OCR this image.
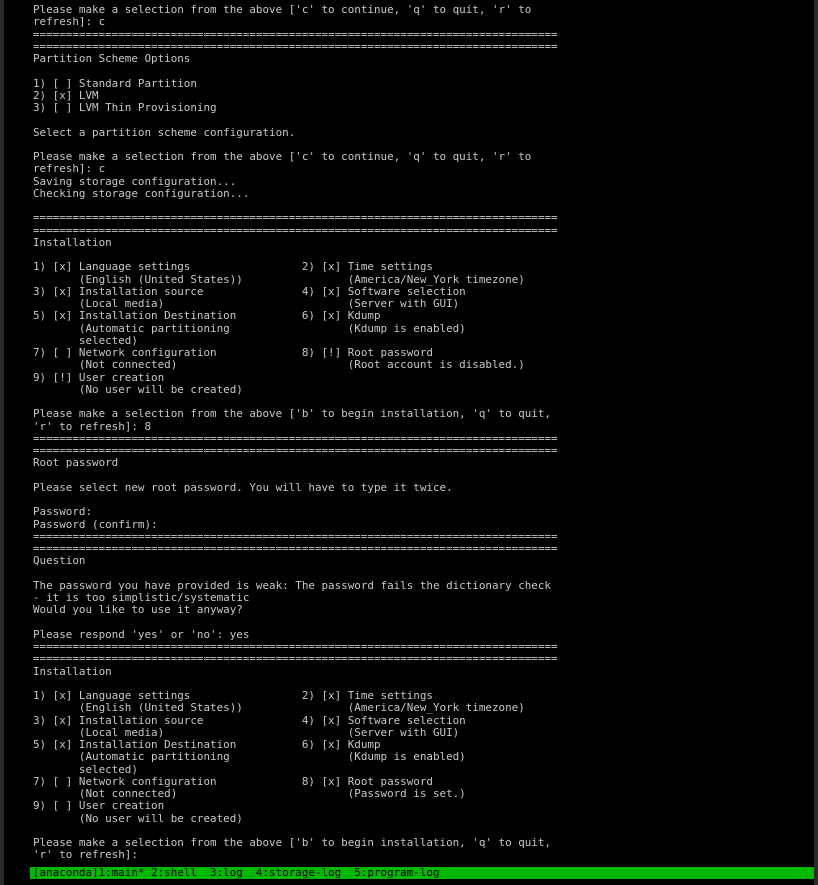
Please make a selection from the above ['c' to continue, 'q' to quit, 'r' to
refresh]: c
================================================================================
================================================================================
Partition Scheme Options
1) [ ] Standard Partition
2) [x] LVM
3) [ ] LVM Thin Provisioning
Select a partition scheme configuration.
Please make a selection from the above ['c' to continue, 'q' to quit, 'r' to
refresh]: c
Saving storage configuration...
Checking storage configuration...
================================================================================
================================================================================
Installation
1) [x] Language settings                 2) [x] Time settings
(English (United States))                (America/New_York timezone)
3) [x] Installation source               4) [x] Software selection
(Local media)                            (Server with GUI)
5) [x] Installation Destination          6) [x] Kdump
(Automatic partitioning                  (Kdump is enabled)
selected)
7) [ ] Network configuration             8) [!] Root password
(Not connected)                          (Root account is disabled.)
9) [!] User creation
(No user will be created)
Please make a selection from the above ['b' to begin installation, 'q' to quit,
'r' to refresh]: 8
================================================================================
================================================================================
Root password
Please select new root password. You will have to type it twice.
Password:
Password (confirm):
================================================================================
================================================================================
Question
The password you have provided is weak: The password fails the dictionary check
- it is too simplistic/systematic
Would you like to use it anyway?
Please respond 'yes' or 'no': yes
================================================================================
================================================================================
Installation
1) [x] Language settings                 2) [x] Time settings
(English (United States))                (America/New_York timezone)
3) [x] Installation source               4) [x] Software selection
(Local media)                            (Server with GUI)
5) [x] Installation Destination          6) [x] Kdump
(Automatic partitioning                  (Kdump is enabled)
selected)
7) [ ] Network configuration             8) [x] Root password
(Not connected)                          (Password is set.)
9) [ ] User creation
(No user will be created)
Please make a selection from the above ['b' to begin installation, 'q' to quit,
'r' to refresh]:
[anaconda]1:main* 2:shell  3:log  4:storage-log  5:program-log
